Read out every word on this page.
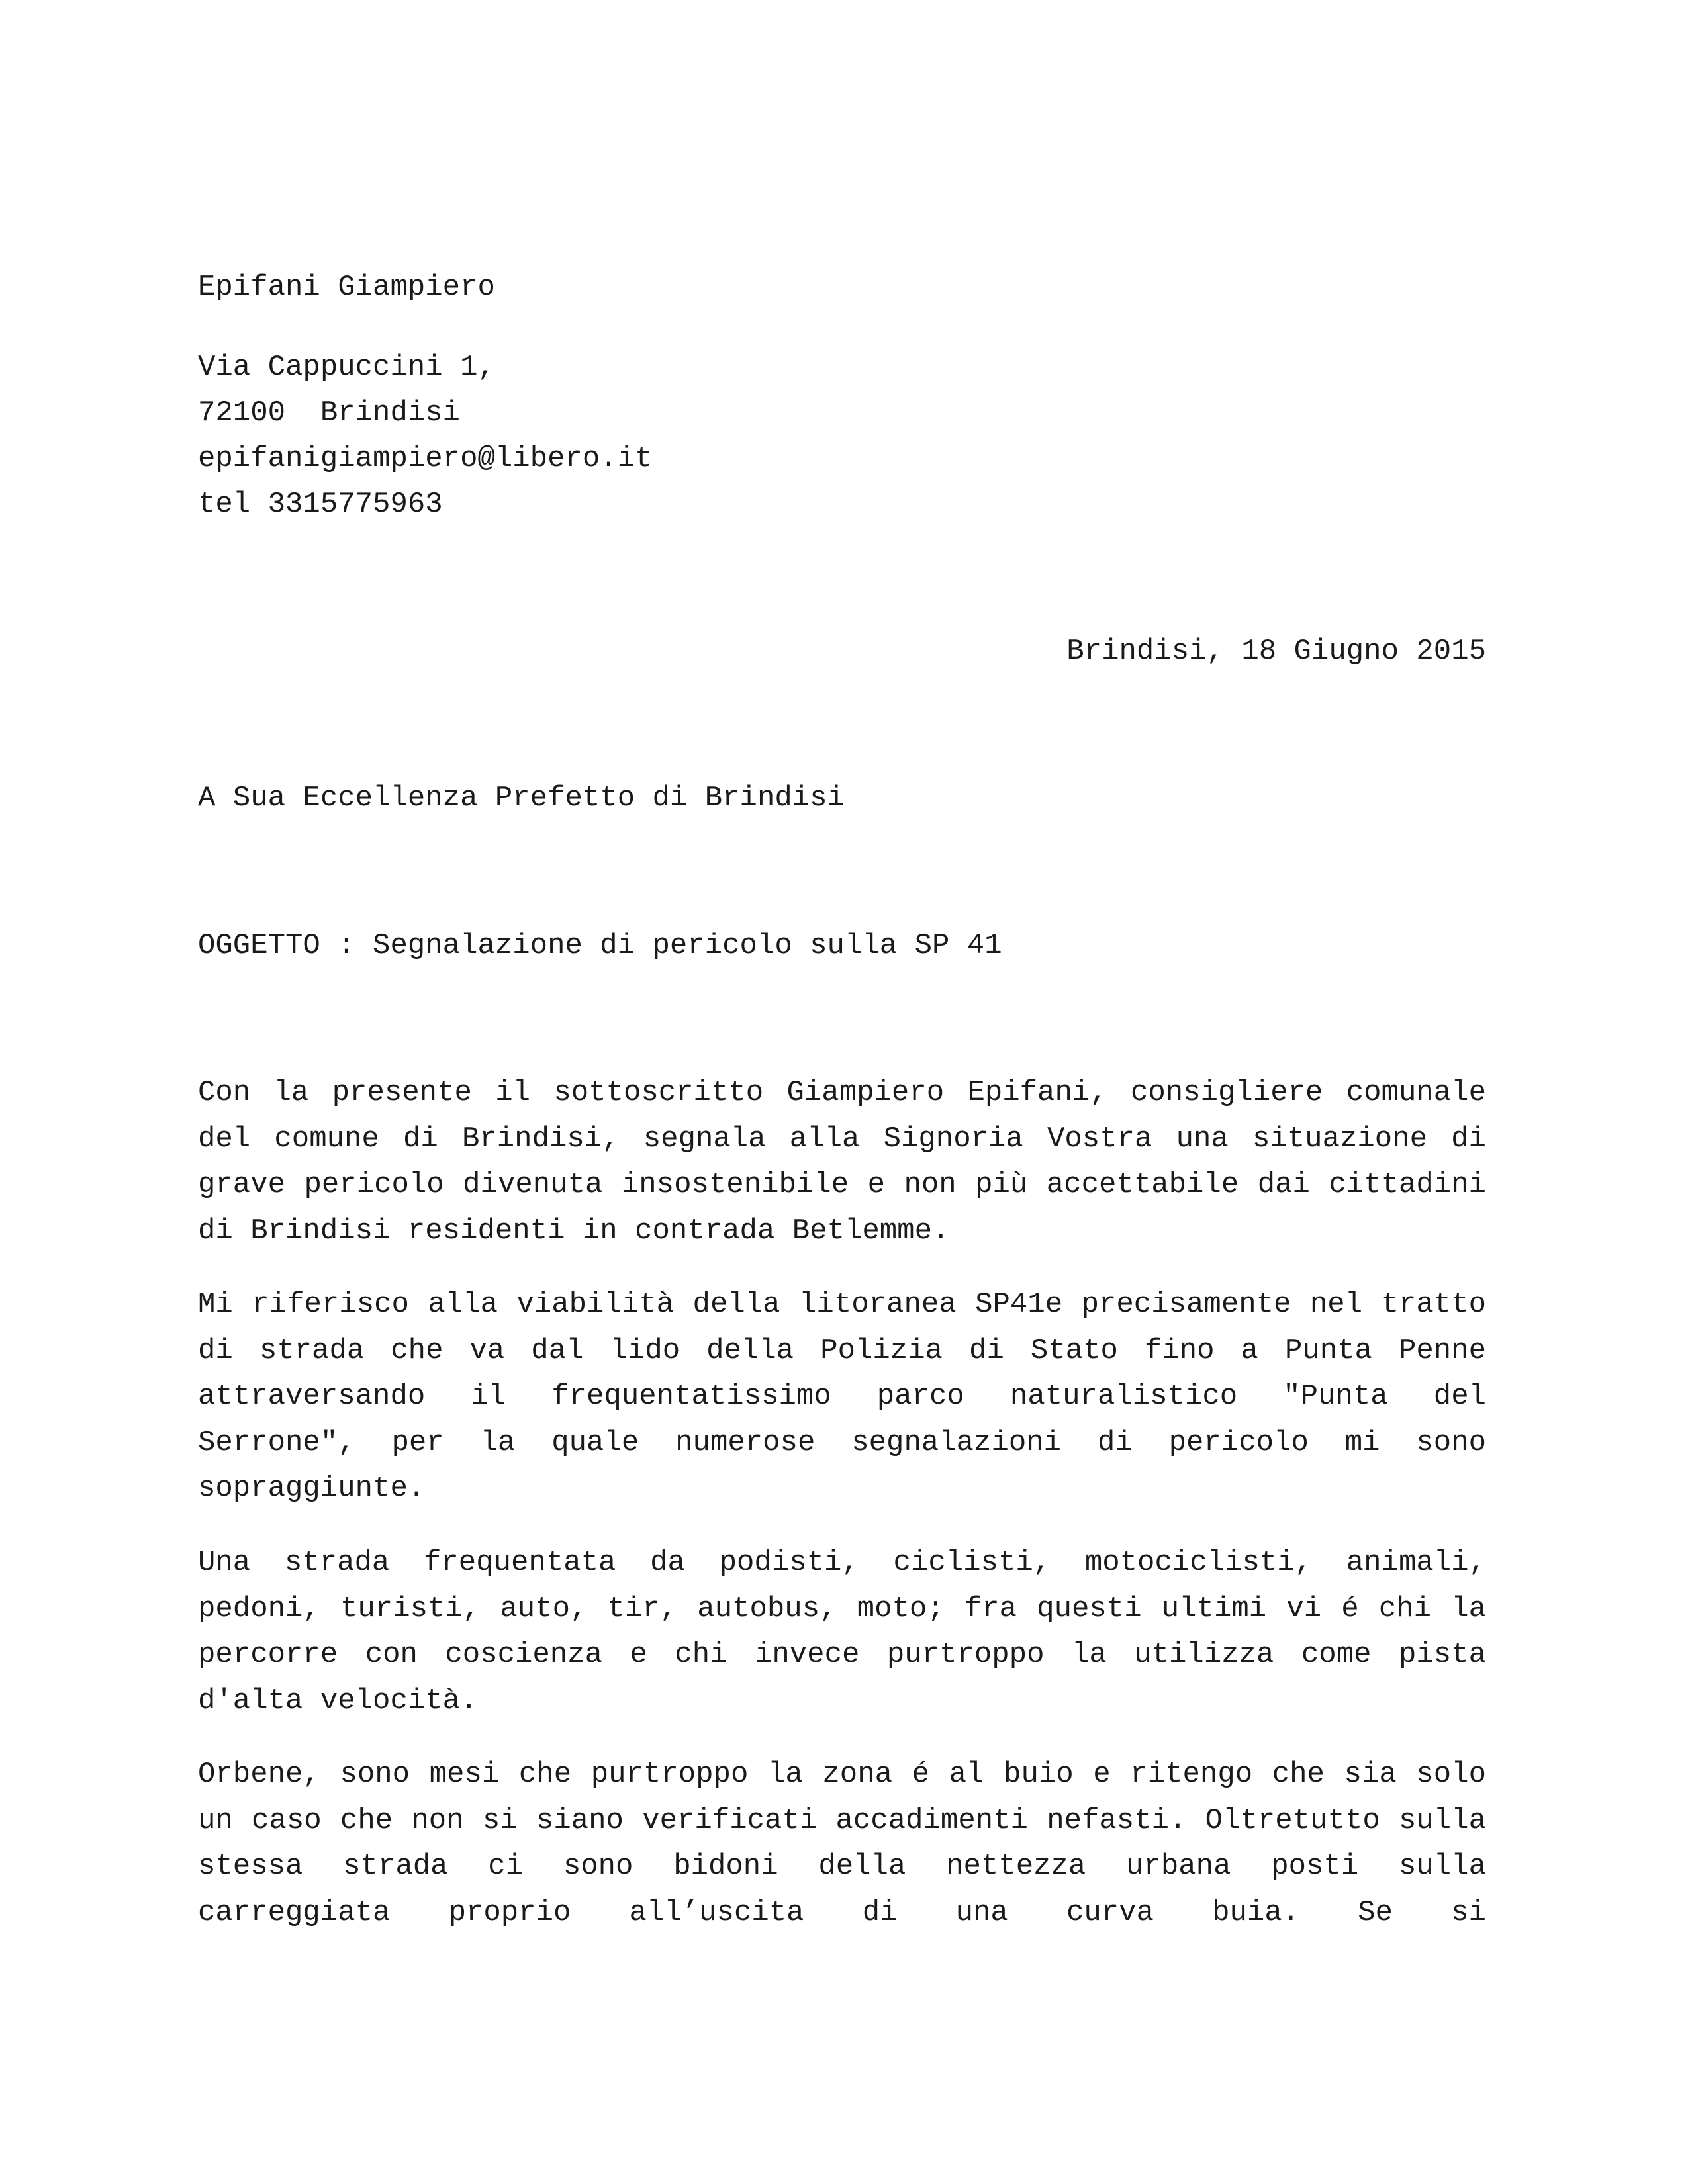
Epifani Giampiero

Via Cappuccini 1,

72100  Brindisi

epifanigiampiero@libero.it

tel 3315775963

Brindisi, 18 Giugno 2015

A Sua Eccellenza Prefetto di Brindisi

OGGETTO : Segnalazione di pericolo sulla SP 41

Con la presente il sottoscritto Giampiero Epifani, consigliere comunale del comune di Brindisi, segnala alla Signoria Vostra una situazione di grave pericolo divenuta insostenibile e non più accettabile dai cittadini di Brindisi residenti in contrada Betlemme.

Mi riferisco alla viabilità della litoranea SP41e precisamente nel tratto di strada che va dal lido della Polizia di Stato fino a Punta Penne attraversando il frequentatissimo parco naturalistico "Punta del Serrone", per la quale numerose segnalazioni di pericolo mi sono sopraggiunte.

Una strada frequentata da podisti, ciclisti, motociclisti, animali, pedoni, turisti, auto, tir, autobus, moto; fra questi ultimi vi é chi la percorre con coscienza e chi invece purtroppo la utilizza come pista d'alta velocità.

Orbene, sono mesi che purtroppo la zona é al buio e ritengo che sia solo un caso che non si siano verificati accadimenti nefasti. Oltretutto sulla stessa strada ci sono bidoni della nettezza urbana posti sulla carreggiata proprio all’uscita di una curva buia. Se si
